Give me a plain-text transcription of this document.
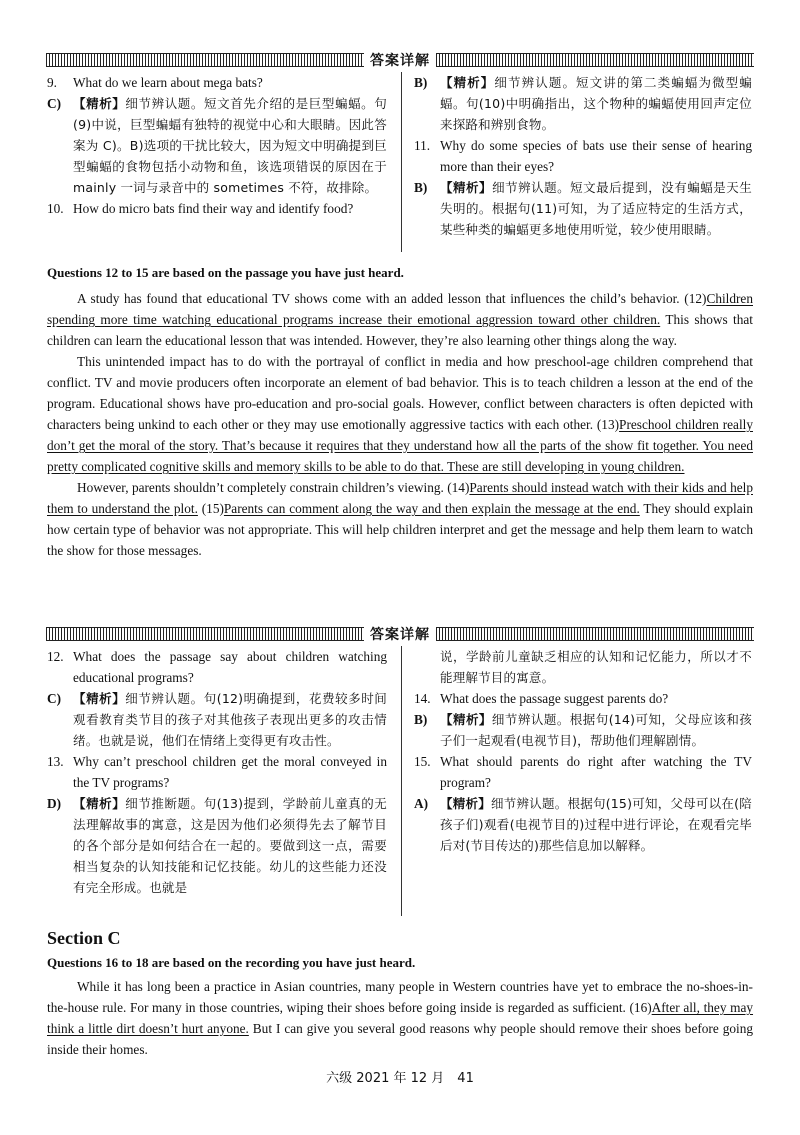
答案详解
9. What do we learn about mega bats?
C) 【精析】细节辨认题。短文首先介绍的是巨型蝙蝠。句(9)中说，巨型蝙蝠有独特的视觉中心和大眼睛。因此答案为 C)。B)选项的干扰比较大，因为短文中明确提到巨型蝙蝠的食物包括小动物和鱼，该选项错误的原因在于 mainly 一词与录音中的 sometimes 不符，故排除。
10. How do micro bats find their way and identify food?
B) 【精析】细节辨认题。短文讲的第二类蝙蝠为微型蝙蝠。句(10)中明确指出，这个物种的蝙蝠使用回声定位来探路和辨别食物。
11. Why do some species of bats use their sense of hearing more than their eyes?
B) 【精析】细节辨认题。短文最后提到，没有蝙蝠是天生失明的。根据句(11)可知，为了适应特定的生活方式，某些种类的蝙蝠更多地使用听觉，较少使用眼睛。
Questions 12 to 15 are based on the passage you have just heard.

A study has found that educational TV shows come with an added lesson that influences the child’s behavior. (12)Children spending more time watching educational programs increase their emotional aggression toward other children. This shows that children can learn the educational lesson that was intended. However, they’re also learning other things along the way.

This unintended impact has to do with the portrayal of conflict in media and how preschool-age children comprehend that conflict. TV and movie producers often incorporate an element of bad behavior. This is to teach children a lesson at the end of the program. Educational shows have pro-education and pro-social goals. However, conflict between characters is often depicted with characters being unkind to each other or they may use emotionally aggressive tactics with each other. (13)Preschool children really don’t get the moral of the story. That’s because it requires that they understand how all the parts of the show fit together. You need pretty complicated cognitive skills and memory skills to be able to do that. These are still developing in young children.

However, parents shouldn’t completely constrain children’s viewing. (14)Parents should instead watch with their kids and help them to understand the plot. (15)Parents can comment along the way and then explain the message at the end. They should explain how certain type of behavior was not appropriate. This will help children interpret and get the message and help them learn to watch the show for those messages.

答案详解
12. What does the passage say about children watching educational programs?
C) 【精析】细节辨认题。句(12)明确提到，花费较多时间观看教育类节目的孩子对其他孩子表现出更多的攻击情绪。也就是说，他们在情绪上变得更有攻击性。
13. Why can’t preschool children get the moral conveyed in the TV programs?
D) 【精析】细节推断题。句(13)提到，学龄前儿童真的无法理解故事的寓意，这是因为他们必须得先去了解节目的各个部分是如何结合在一起的。要做到这一点，需要相当复杂的认知技能和记忆技能。幼儿的这些能力还没有完全形成。也就是
说，学龄前儿童缺乏相应的认知和记忆能力，所以才不能理解节目的寓意。
14. What does the passage suggest parents do?
B) 【精析】细节辨认题。根据句(14)可知，父母应该和孩子们一起观看(电视节目)，帮助他们理解剧情。
15. What should parents do right after watching the TV program?
A) 【精析】细节辨认题。根据句(15)可知，父母可以在(陪孩子们)观看(电视节目的)过程中进行评论，在观看完毕后对(节目传达的)那些信息加以解释。
Section C
Questions 16 to 18 are based on the recording you have just heard.

While it has long been a practice in Asian countries, many people in Western countries have yet to embrace the no-shoes-in-the-house rule. For many in those countries, wiping their shoes before going inside is regarded as sufficient. (16)After all, they may think a little dirt doesn’t hurt anyone. But I can give you several good reasons why people should remove their shoes before going inside their homes.

六级 2021 年 12 月　41
